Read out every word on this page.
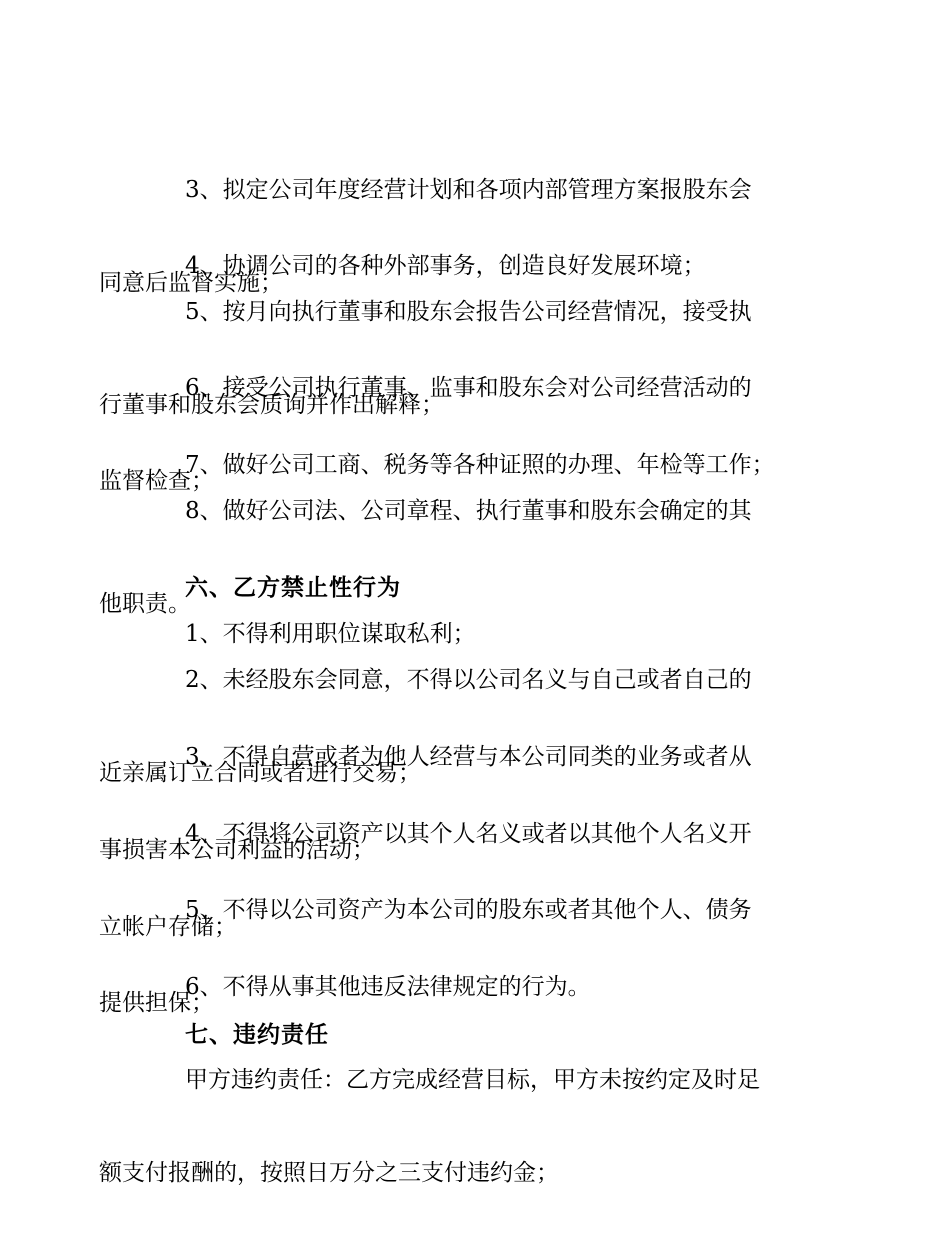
3、拟定公司年度经营计划和各项内部管理方案报股东会

同意后监督实施；

4、协调公司的各种外部事务，创造良好发展环境；

5、按月向执行董事和股东会报告公司经营情况，接受执

行董事和股东会质询并作出解释；

6、接受公司执行董事、监事和股东会对公司经营活动的

监督检查；

7、做好公司工商、税务等各种证照的办理、年检等工作；

8、做好公司法、公司章程、执行董事和股东会确定的其

他职责。

六、乙方禁止性行为

1、不得利用职位谋取私利；

2、未经股东会同意，不得以公司名义与自己或者自己的

近亲属订立合同或者进行交易；

3、不得自营或者为他人经营与本公司同类的业务或者从

事损害本公司利益的活动；

4、不得将公司资产以其个人名义或者以其他个人名义开

立帐户存储；

5、不得以公司资产为本公司的股东或者其他个人、债务

提供担保；

6、不得从事其他违反法律规定的行为。

七、违约责任

甲方违约责任：乙方完成经营目标，甲方未按约定及时足

额支付报酬的，按照日万分之三支付违约金；
